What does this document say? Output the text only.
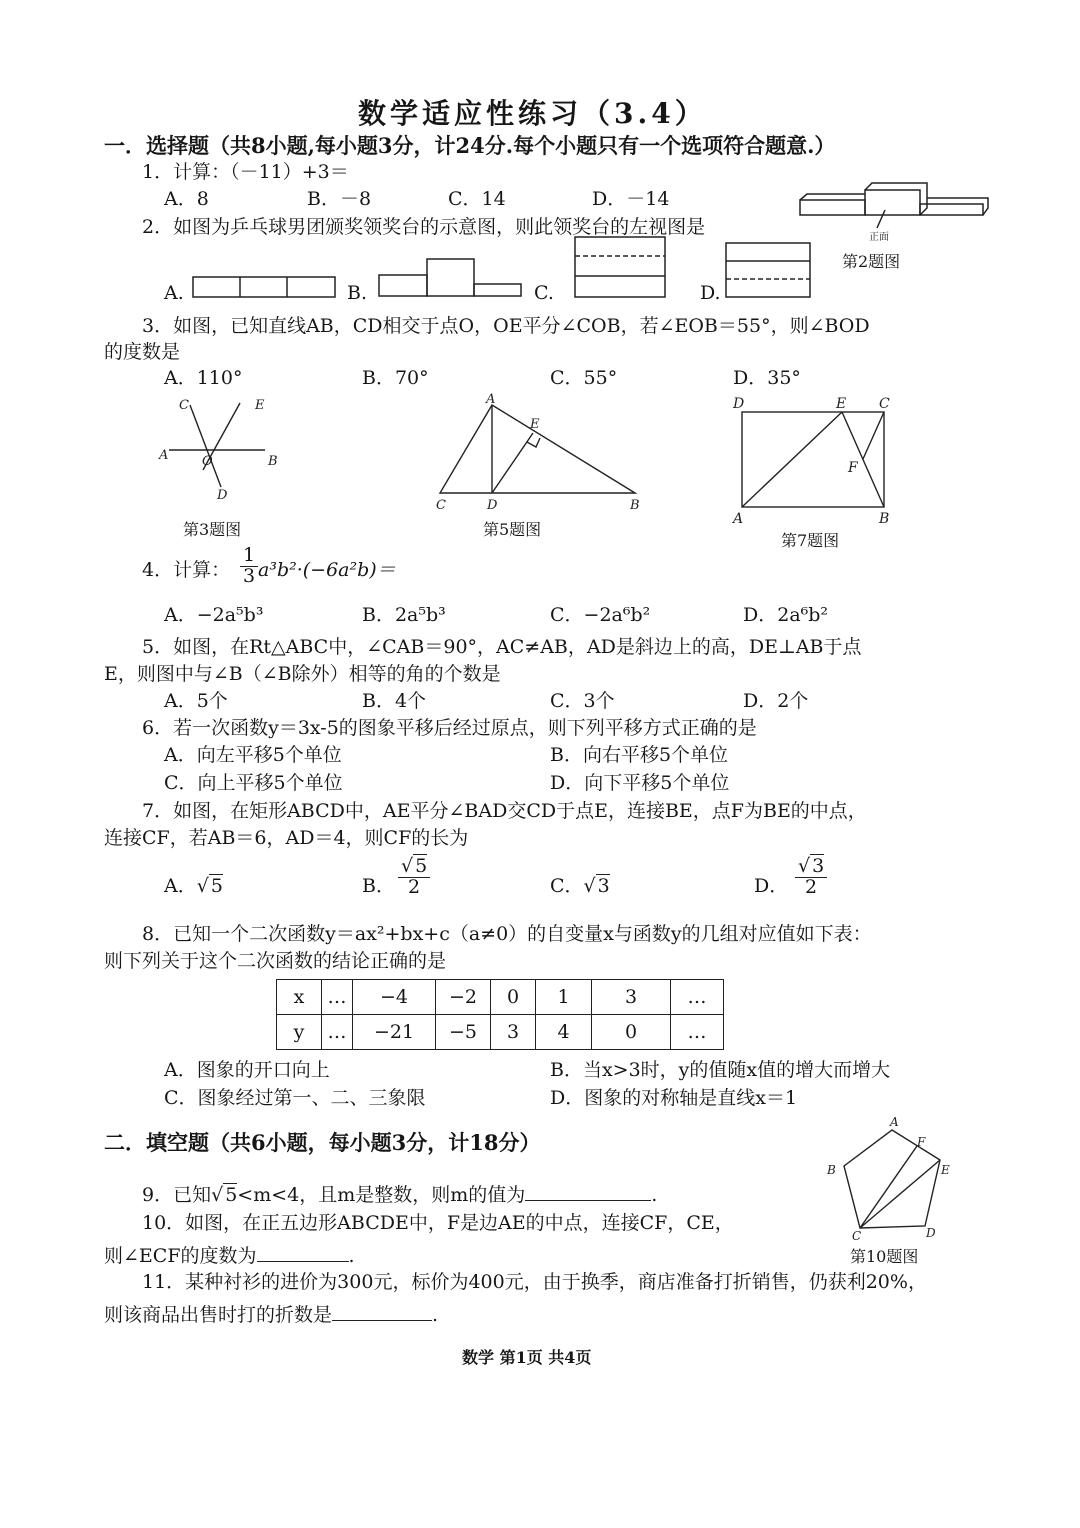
数学适应性练习（3.4）
一．选择题（共8小题,每小题3分，计24分.每个小题只有一个选项符合题意.）
1．计算：（－11）+3＝
A．8	B．－8	C．14	D．－14
正面
第2题图
2．如图为乒乓球男团颁奖领奖台的示意图，则此领奖台的左视图是
A.	B.	C.	D.
3．如图，已知直线AB，CD相交于点O，OE平分∠COB，若∠EOB＝55°，则∠BOD
的度数是
A．110°	B．70°	C．55°	D．35°
C	E
A	O	B
D
第3题图
A
E
C	D	B
第5题图
D	E C
F
A	B
第7题图
4．计算： $\frac{1}{3} a^3b^2\cdot(-6a^2b)=$
A．−2a⁵b³	B．2a⁵b³	C．−2a⁶b²	D．2a⁶b²
5．如图，在Rt△ABC中，∠CAB＝90°，AC≠AB，AD是斜边上的高，DE⊥AB于点
E，则图中与∠B（∠B除外）相等的角的个数是
A．5个	B．4个	C．3个	D．2个
6．若一次函数y＝3x-5的图象平移后经过原点，则下列平移方式正确的是
A．向左平移5个单位	B．向右平移5个单位
C．向上平移5个单位	D．向下平移5个单位
7．如图，在矩形ABCD中，AE平分∠BAD交CD于点E，连接BE，点F为BE的中点，
连接CF，若AB＝6，AD＝4，则CF的长为
A．√ 5	B． $\frac{√ 5}{2}$	C．√ 3	D． $\frac{√ 3}{2}$
8．已知一个二次函数y＝ax²+bx+c（a≠0）的自变量x与函数y的几组对应值如下表：
则下列关于这个二次函数的结论正确的是
x	…	−4	−2	0	1	3	…
y	…	−21	−5	3	4	0	…
A．图象的开口向上	B．当x>3时，y的值随x值的增大而增大
C．图象经过第一、二、三象限	D．图象的对称轴是直线x＝1
二．填空题（共6小题，每小题3分，计18分）
9．已知√ 5<m<4，且m是整数，则m的值为	.
10．如图，在正五边形ABCDE中，F是边AE的中点，连接CF，CE，
则∠ECF的度数为	.
A
F
E
B
C	D
第10题图
11．某种衬衫的进价为300元，标价为400元，由于换季，商店准备打折销售，仍获利20%，
则该商品出售时打的折数是	.
数学 第1页 共4页
